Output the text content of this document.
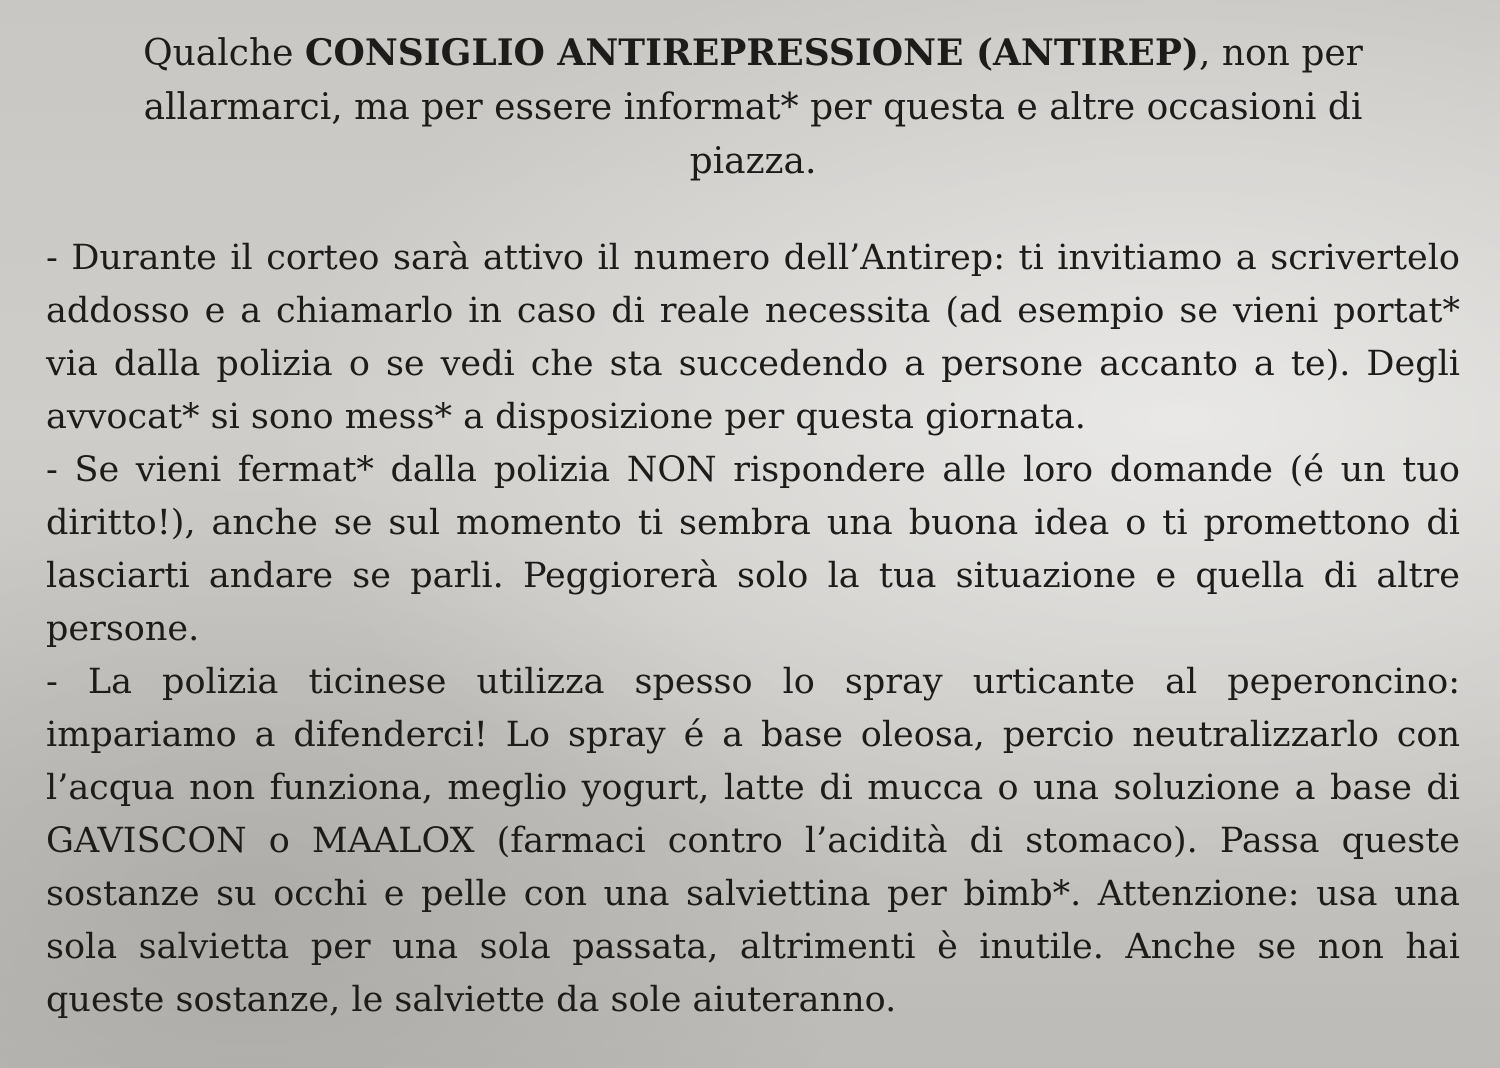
Qualche CONSIGLIO ANTIREPRESSIONE (ANTIREP), non per allarmarci, ma per essere informat* per questa e altre occasioni di piazza.

- Durante il corteo sarà attivo il numero dell’Antirep: ti invitiamo a scrivertelo addosso e a chiamarlo in caso di reale necessita (ad esempio se vieni portat* via dalla polizia o se vedi che sta succedendo a persone accanto a te). Degli avvocat* si sono mess* a disposizione per questa giornata.

- Se vieni fermat* dalla polizia NON rispondere alle loro domande (é un tuo diritto!), anche se sul momento ti sembra una buona idea o ti promettono di lasciarti andare se parli. Peggiorerà solo la tua situazione e quella di altre persone.

- La polizia ticinese utilizza spesso lo spray urticante al peperoncino: impariamo a difenderci! Lo spray é a base oleosa, percio neutralizzarlo con l’acqua non funziona, meglio yogurt, latte di mucca o una soluzione a base di GAVISCON o MAALOX (farmaci contro l’acidità di stomaco). Passa queste sostanze su occhi e pelle con una salviettina per bimb*. Attenzione: usa una sola salvietta per una sola passata, altrimenti è inutile. Anche se non hai queste sostanze, le salviette da sole aiuteranno.
